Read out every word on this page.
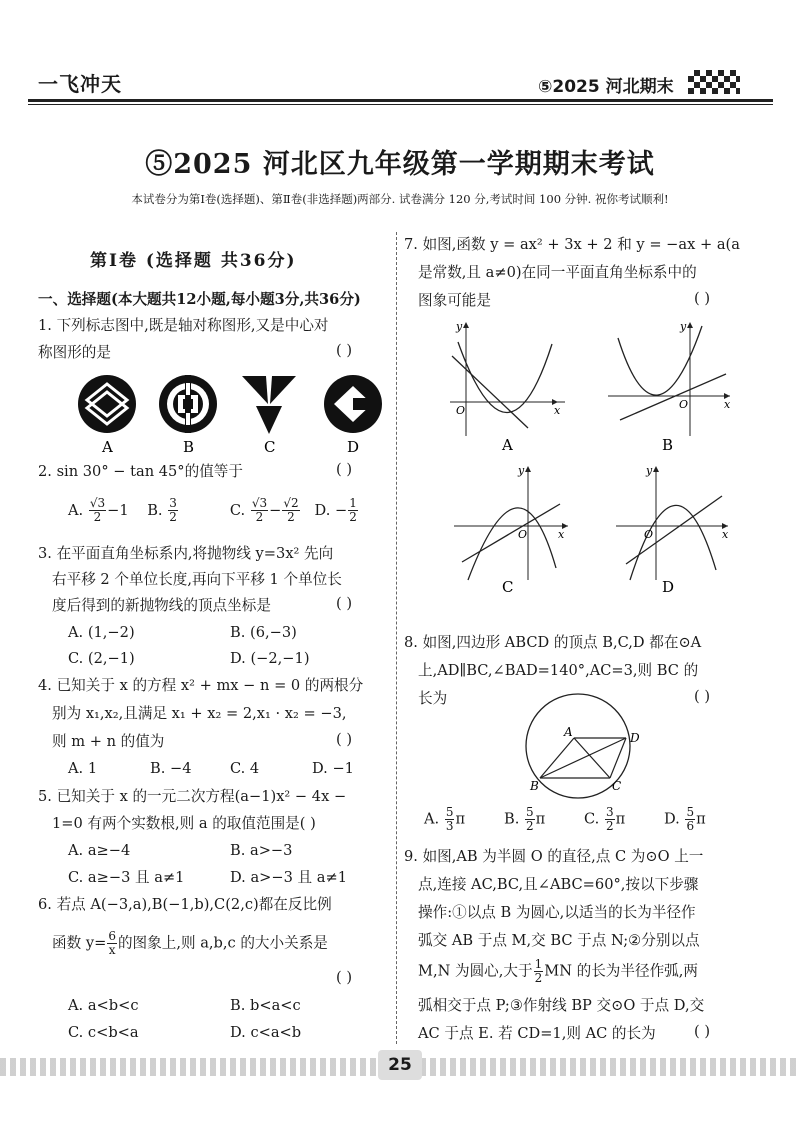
一飞冲天	⑤2025 河北期末
⑤2025 河北区九年级第一学期期末考试
本试卷分为第Ⅰ卷(选择题)、第Ⅱ卷(非选择题)两部分. 试卷满分 120 分,考试时间 100 分钟. 祝你考试顺利!
第Ⅰ卷 (选择题 共36分)
一、选择题(本大题共12小题,每小题3分,共36分)
1. 下列标志图中,既是轴对称图形,又是中心对
称图形的是	( )
A	B	C	D
2. sin 30° − tan 45°的值等于	( )
A. $\frac{√3}{2} -1$ B. $\frac{3}{2}$	C. $\frac{√3}{2} - \frac{√2}{2} D$. − $\frac{1}{2}$
3. 在平面直角坐标系内,将抛物线 y=3x² 先向
右平移 2 个单位长度,再向下平移 1 个单位长
度后得到的新抛物线的顶点坐标是	( )
A. (1,−2)	B. (6,−3)
C. (2,−1)	D. (−2,−1)
4. 已知关于 x 的方程 x² + mx − n = 0 的两根分
别为 x₁,x₂,且满足 x₁ + x₂ = 2,x₁ · x₂ = −3,
则 m + n 的值为	( )
A. 1	B. −4	C. 4	D. −1
5. 已知关于 x 的一元二次方程(a−1)x² − 4x −
1=0 有两个实数根,则 a 的取值范围是( )
A. a≥−4	B. a>−3
C. a≥−3 且 a≠1	D. a>−3 且 a≠1
6. 若点 A(−3,a),B(−1,b),C(2,c)都在反比例
函数 $y= \frac{6}{x}$ 的图象上,则 a,b,c 的大小关系是
( )
A. a<b<c	B. b<a<c
C. c<b<a	D. c<a<b
7. 如图,函数 y = ax² + 3x + 2 和 y = −ax + a(a
是常数,且 a≠0)在同一平面直角坐标系中的
图象可能是	( )
x
y
O	x
y
O
x
y
O	x
y
O
A	B
C	D
8. 如图,四边形 ABCD 的顶点 B,C,D 都在⊙A
上,AD∥BC,∠BAD=140°,AC=3,则 BC 的
长为	( )
A
B	C
D
A. $\frac{5}{3}$ π	B. $\frac{5}{2}$ π	C. $\frac{3}{2}$ π	D. $\frac{5}{6}$ π
9. 如图,AB 为半圆 O 的直径,点 C 为⊙O 上一
点,连接 AC,BC,且∠ABC=60°,按以下步骤
操作:①以点 B 为圆心,以适当的长为半径作
弧交 AB 于点 M,交 BC 于点 N;②分别以点
M,N 为圆心,大于 $\frac{1}{2}$ MN 的长为半径作弧,两
弧相交于点 P;③作射线 BP 交⊙O 于点 D,交
AC 于点 E. 若 CD=1,则 AC 的长为	( )
25
